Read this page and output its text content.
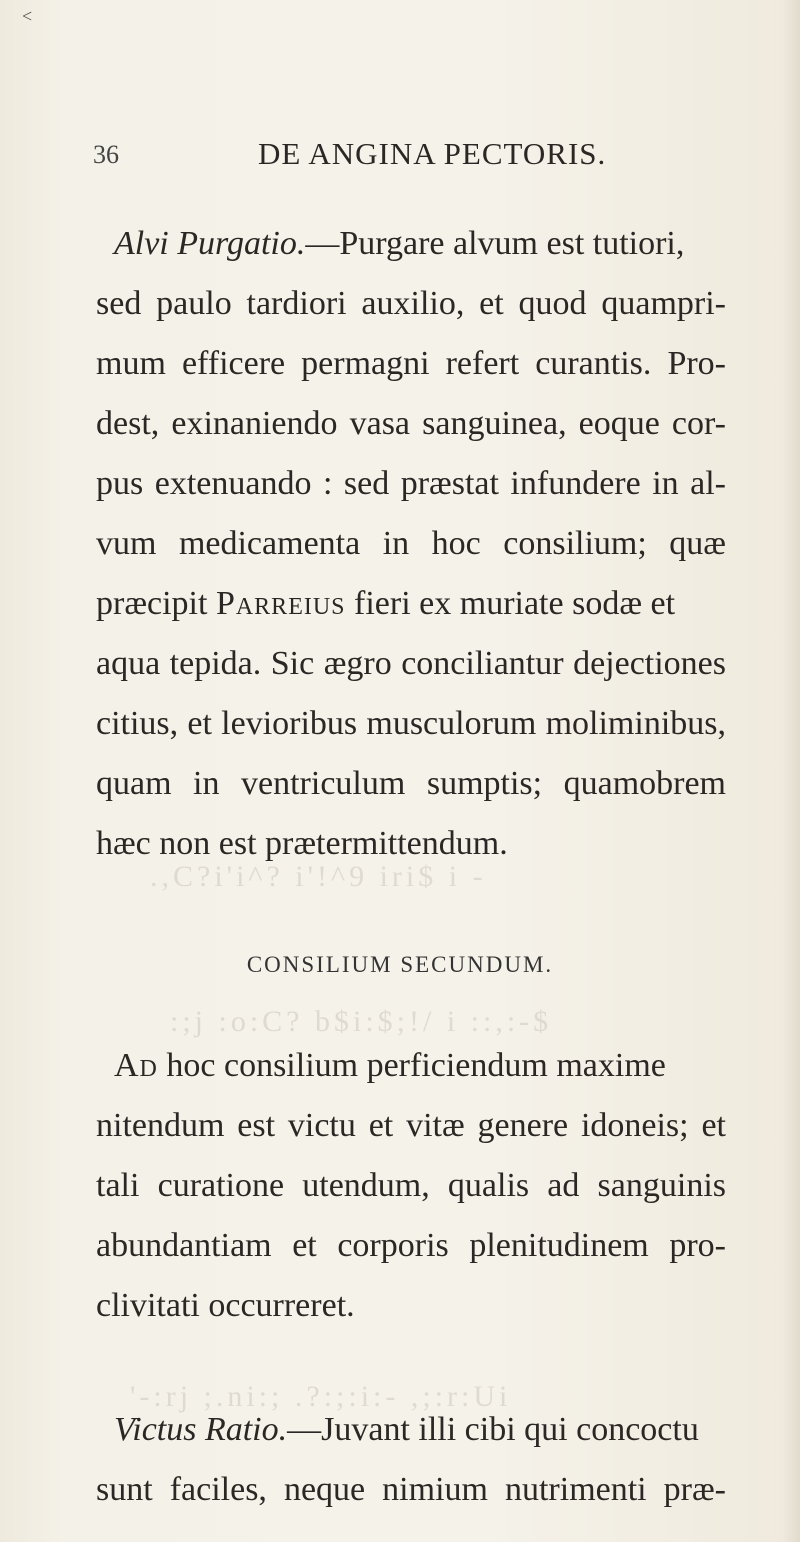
<
36	DE ANGINA PECTORIS.
Alvi Purgatio.—Purgare alvum est tutiori,
sed paulo tardiori auxilio, et quod quampri-
mum efficere permagni refert curantis. Pro-
dest, exinaniendo vasa sanguinea, eoque cor-
pus extenuando : sed præstat infundere in al-
vum medicamenta in hoc consilium; quæ
præcipit Parreius fieri ex muriate sodæ et
aqua tepida. Sic ægro conciliantur dejectiones
citius, et levioribus musculorum moliminibus,
quam in ventriculum sumptis; quamobrem
hæc non est prætermittendum.
CONSILIUM SECUNDUM.
Ad hoc consilium perficiendum maxime
nitendum est victu et vitæ genere idoneis; et
tali curatione utendum, qualis ad sanguinis
abundantiam et corporis plenitudinem pro-
clivitati occurreret.
Victus Ratio.—Juvant illi cibi qui concoctu
sunt faciles, neque nimium nutrimenti præ-
